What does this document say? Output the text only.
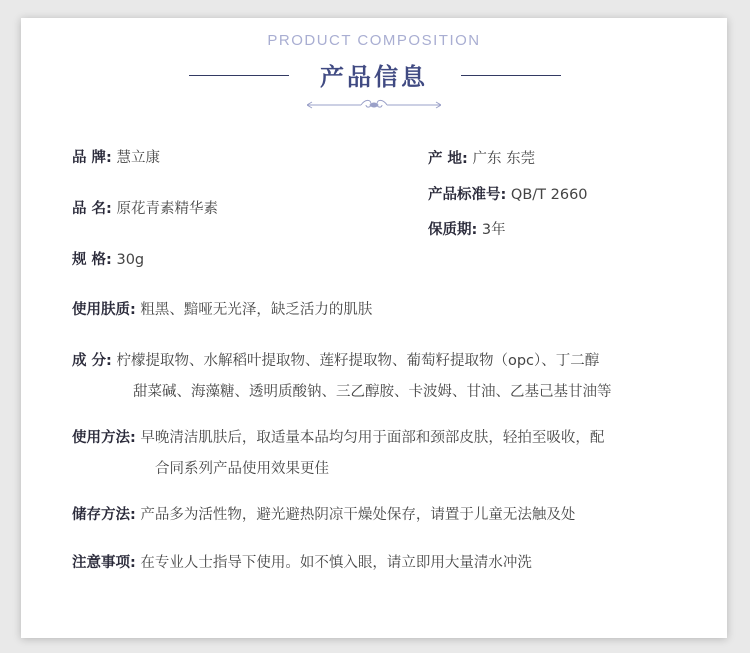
PRODUCT COMPOSITION
产品信息
品 牌: 慧立康
品 名: 原花青素精华素
规 格: 30g
产 地: 广东 东莞
产品标准号: QB/T 2660
保质期: 3年
使用肤质: 粗黑、黯哑无光泽，缺乏活力的肌肤
成 分: 柠檬提取物、水解稻叶提取物、莲籽提取物、葡萄籽提取物（opc）、丁二醇
甜菜碱、海藻糖、透明质酸钠、三乙醇胺、卡波姆、甘油、乙基己基甘油等
使用方法: 早晚清洁肌肤后，取适量本品均匀用于面部和颈部皮肤，轻拍至吸收，配
合同系列产品使用效果更佳
储存方法: 产品多为活性物，避光避热阴凉干燥处保存，请置于儿童无法触及处
注意事项: 在专业人士指导下使用。如不慎入眼，请立即用大量清水冲洗
